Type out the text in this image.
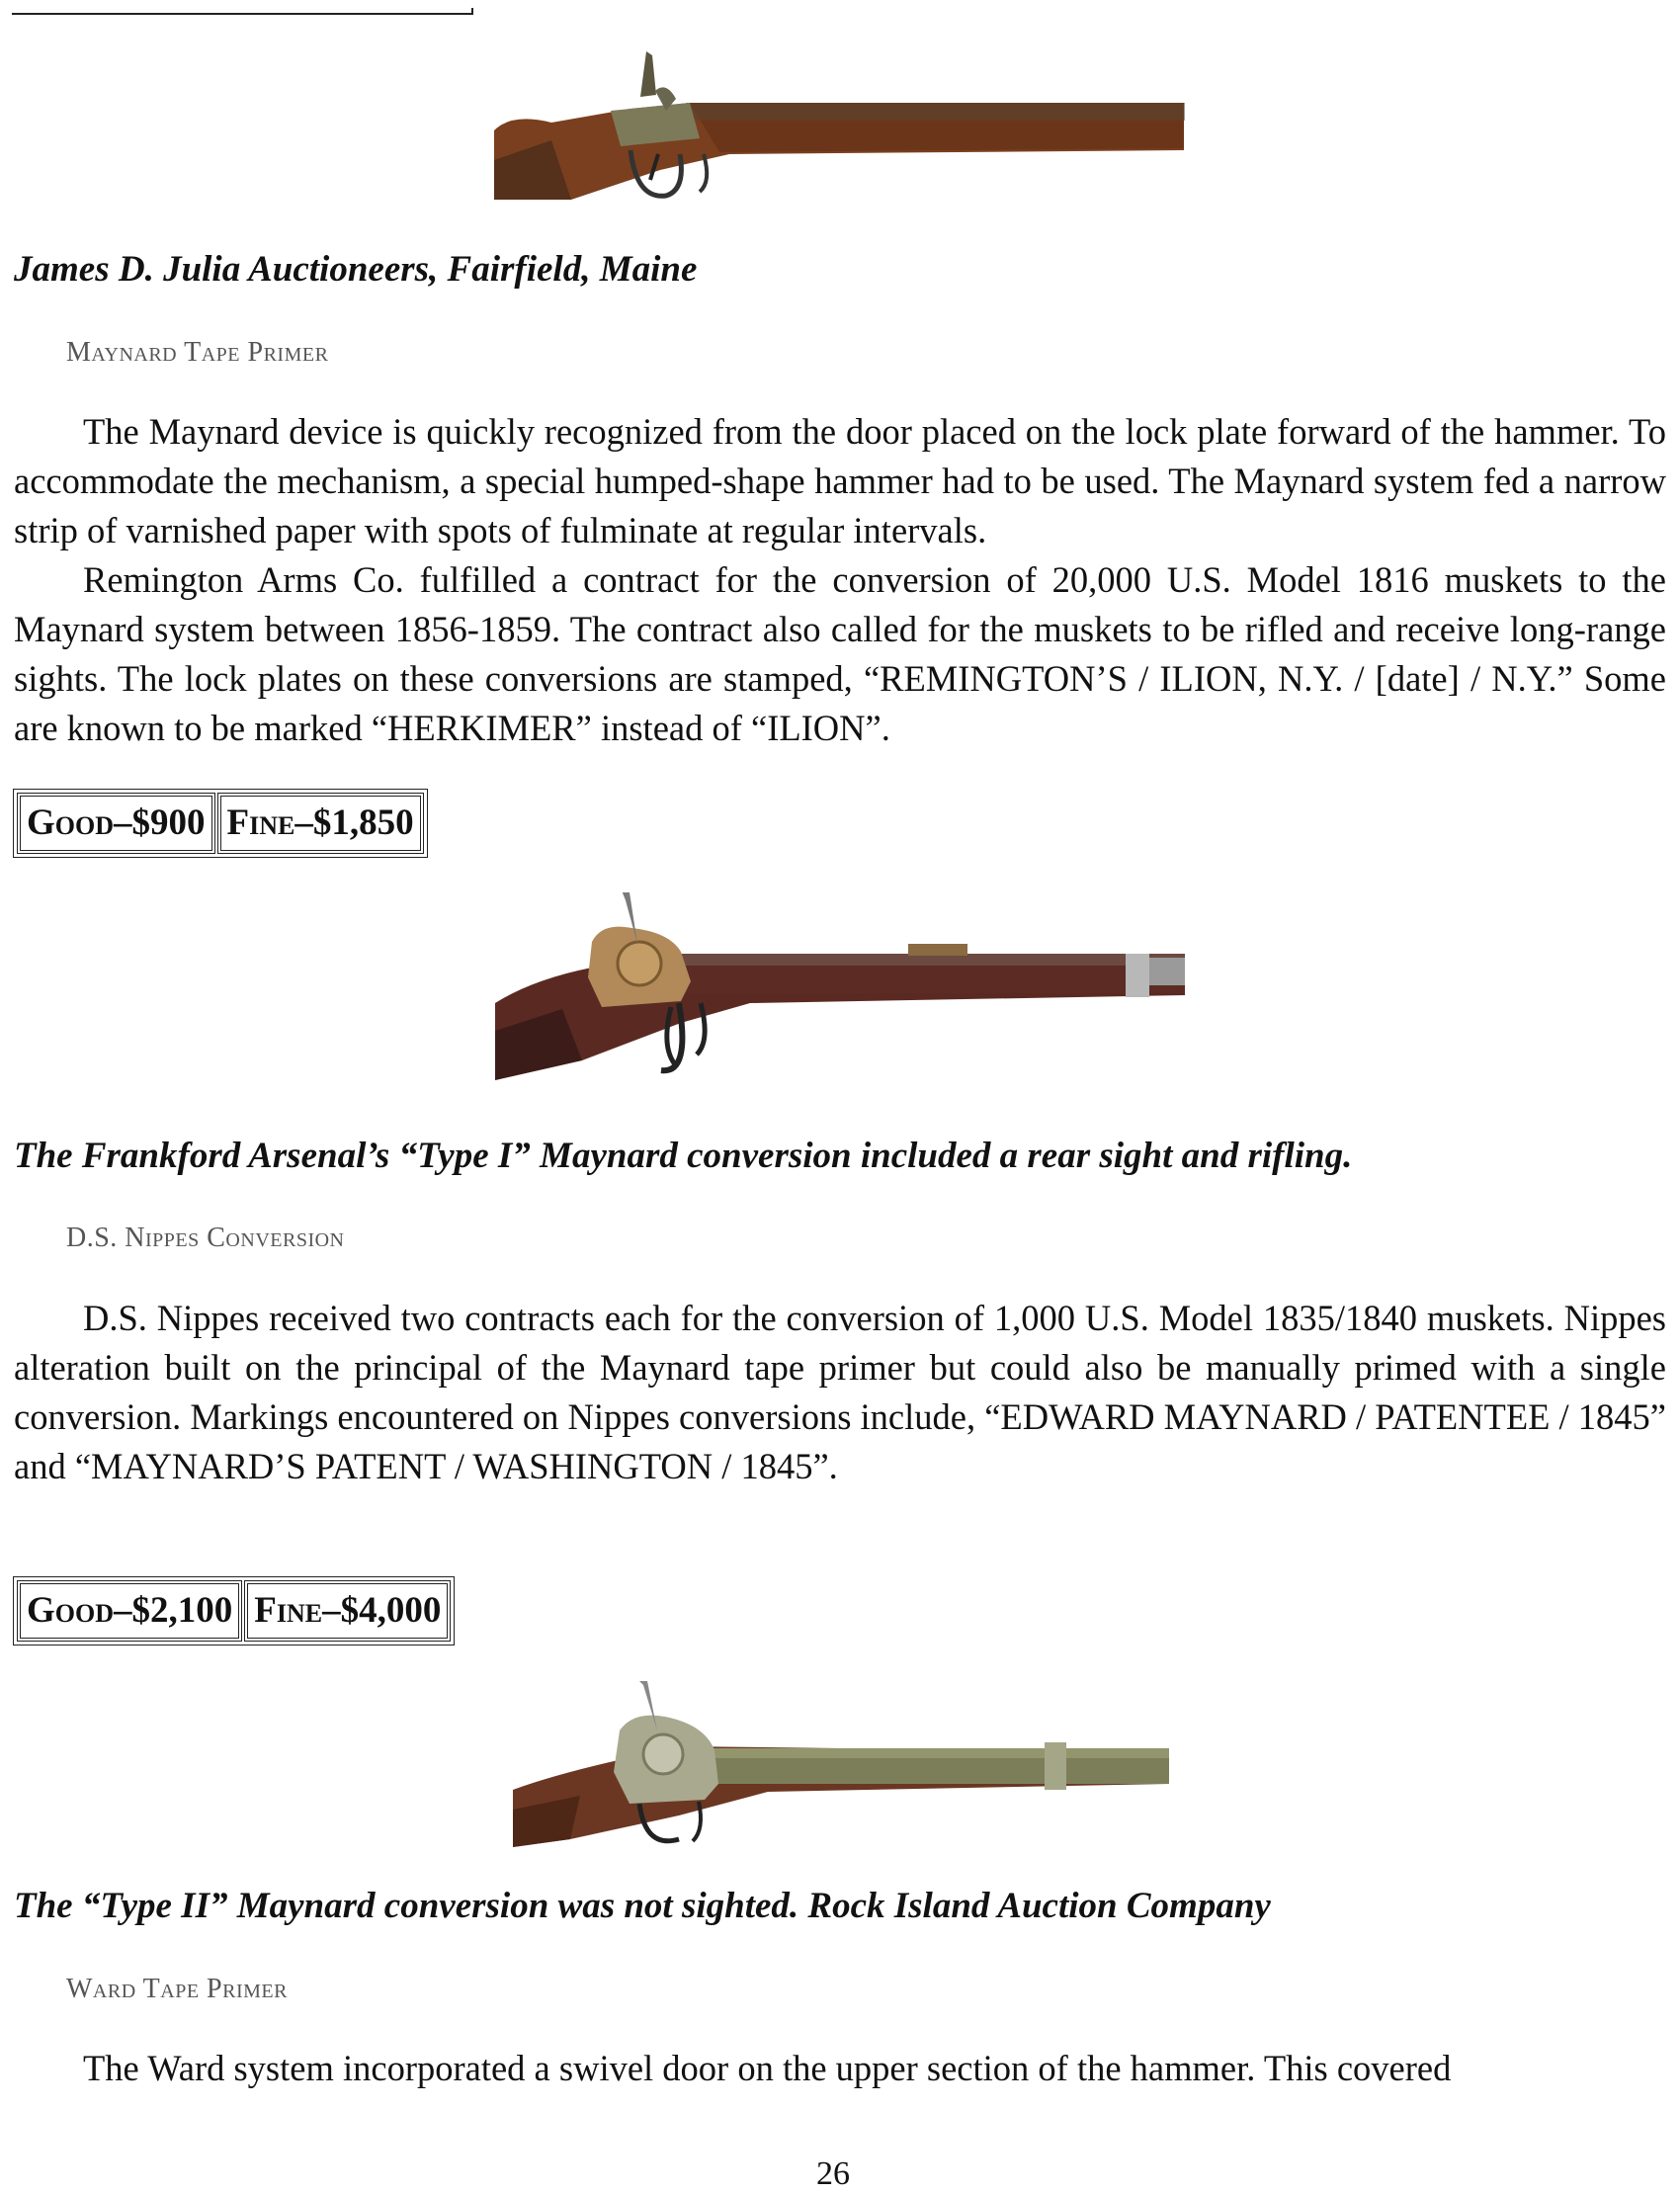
James D. Julia Auctioneers, Fairfield, Maine
Maynard Tape Primer

The Maynard device is quickly recognized from the door placed on the lock plate forward of the hammer. To accommodate the mechanism, a special humped-shape hammer had to be used. The Maynard system fed a narrow strip of varnished paper with spots of fulminate at regular intervals.

Remington Arms Co. fulfilled a contract for the conversion of 20,000 U.S. Model 1816 muskets to the Maynard system between 1856-1859. The contract also called for the muskets to be rifled and receive long-range sights. The lock plates on these conversions are stamped, “REMINGTON’S / ILION, N.Y. / [date] / N.Y.” Some are known to be marked “HERKIMER” instead of “ILION”.

Good–$900 Fine–$1,850
The Frankford Arsenal’s “Type I” Maynard conversion included a rear sight and rifling.
D.S. Nippes Conversion

D.S. Nippes received two contracts each for the conversion of 1,000 U.S. Model 1835/1840 muskets. Nippes alteration built on the principal of the Maynard tape primer but could also be manually primed with a single conversion. Markings encountered on Nippes conversions include, “EDWARD MAYNARD / PATENTEE / 1845” and “MAYNARD’S PATENT / WASHINGTON / 1845”.

Good–$2,100 Fine–$4,000
The “Type II” Maynard conversion was not sighted. Rock Island Auction Company
Ward Tape Primer

The Ward system incorporated a swivel door on the upper section of the hammer. This covered

26
